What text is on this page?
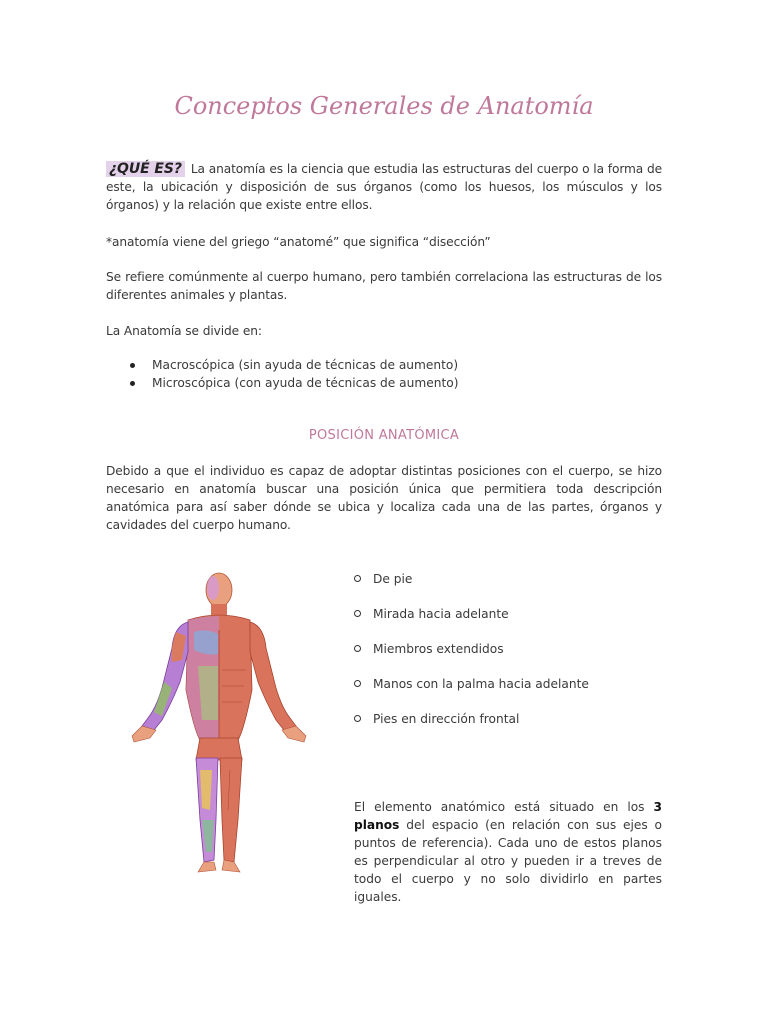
Conceptos Generales de Anatomía
¿QUÉ ES? La anatomía es la ciencia que estudia las estructuras del cuerpo o la forma de este, la ubicación y disposición de sus órganos (como los huesos, los músculos y los órganos) y la relación que existe entre ellos.
*anatomía viene del griego “anatomé” que significa “disección”
Se refiere comúnmente al cuerpo humano, pero también correlaciona las estructuras de los diferentes animales y plantas.
La Anatomía se divide en:
Macroscópica (sin ayuda de técnicas de aumento)
Microscópica (con ayuda de técnicas de aumento)
POSICIÓN ANATÓMICA
Debido a que el individuo es capaz de adoptar distintas posiciones con el cuerpo, se hizo necesario en anatomía buscar una posición única que permitiera toda descripción anatómica para así saber dónde se ubica y localiza cada una de las partes, órganos y cavidades del cuerpo humano.
De pie
Mirada hacia adelante
Miembros extendidos
Manos con la palma hacia adelante
Pies en dirección frontal
El elemento anatómico está situado en los 3 planos del espacio (en relación con sus ejes o puntos de referencia). Cada uno de estos planos es perpendicular al otro y pueden ir a treves de todo el cuerpo y no solo dividirlo en partes iguales.
